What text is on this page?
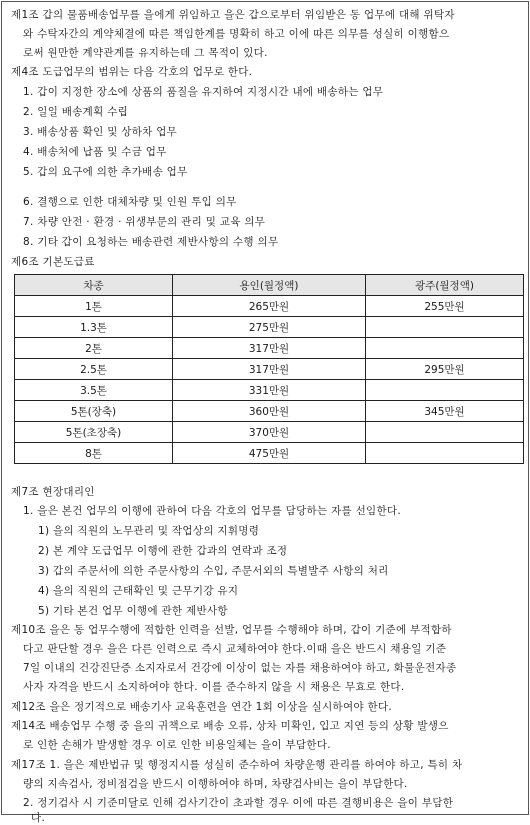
제1조 갑의 물품배송업무를 을에게 위임하고 을은 갑으로부터 위임받은 동 업무에 대해 위탁자
와 수탁자간의 계약체결에 따른 책임한계를 명확히 하고 이에 따른 의무를 성실히 이행함으
로써 원만한 계약관계를 유지하는데 그 목적이 있다.
제4조 도급업무의 범위는 다음 각호의 업무로 한다.
1. 갑이 지정한 장소에 상품의 품질을 유지하여 지정시간 내에 배송하는 업무
2. 일일 배송계획 수립
3. 배송상품 확인 및 상하차 업무
4. 배송처에 납품 및 수금 업무
5. 갑의 요구에 의한 추가배송 업무
6. 결행으로 인한 대체차량 및 인원 투입 의무
7. 차량 안전 · 환경 · 위생부문의 관리 및 교육 의무
8. 기타 갑이 요청하는 배송관련 제반사항의 수행 의무
제6조 기본도급료
차종	용인(월정액)	광주(월정액)
1톤	265만원	255만원
1.3톤	275만원	
2톤	317만원	
2.5톤	317만원	295만원
3.5톤	331만원	
5톤(장축)	360만원	345만원
5톤(초장축)	370만원	
8톤	475만원	
제7조 현장대리인
1. 을은 본건 업무의 이행에 관하여 다음 각호의 업무를 담당하는 자를 선임한다.
1) 을의 직원의 노무관리 및 작업상의 지휘명령
2) 본 계약 도급업무 이행에 관한 갑과의 연락과 조정
3) 갑의 주문서에 의한 주문사항의 수입, 주문서외의 특별발주 사항의 처리
4) 을의 직원의 근태확인 및 근무기강 유지
5) 기타 본건 업무 이행에 관한 제반사항
제10조 을은 동 업무수행에 적합한 인력을 선발, 업무를 수행해야 하며, 갑이 기준에 부적합하
다고 판단할 경우 을은 다른 인력으로 즉시 교체하여야 한다.이때 을은 반드시 채용일 기준
7일 이내의 건강진단증 소지자로서 건강에 이상이 없는 자를 채용하여야 하고, 화물운전자종
사자 자격을 반드시 소지하여야 한다. 이를 준수하지 않을 시 채용은 무효로 한다.
제12조 을은 정기적으로 배송기사 교육훈련을 연간 1회 이상을 실시하여야 한다.
제14조 배송업무 수행 중 을의 귀책으로 배송 오류, 상차 미확인, 입고 지연 등의 상황 발생으
로 인한 손해가 발생할 경우 이로 인한 비용일체는 을이 부담한다.
제17조 1. 을은 제반법규 및 행정지시를 성실히 준수하여 차량운행 관리를 하여야 하고, 특히 차
량의 지속검사, 정비점검을 반드시 이행하여야 하며, 차량검사비는 을이 부담한다.
2. 정기검사 시 기준미달로 인해 검사기간이 초과할 경우 이에 따른 결행비용은 을이 부담한
다.
